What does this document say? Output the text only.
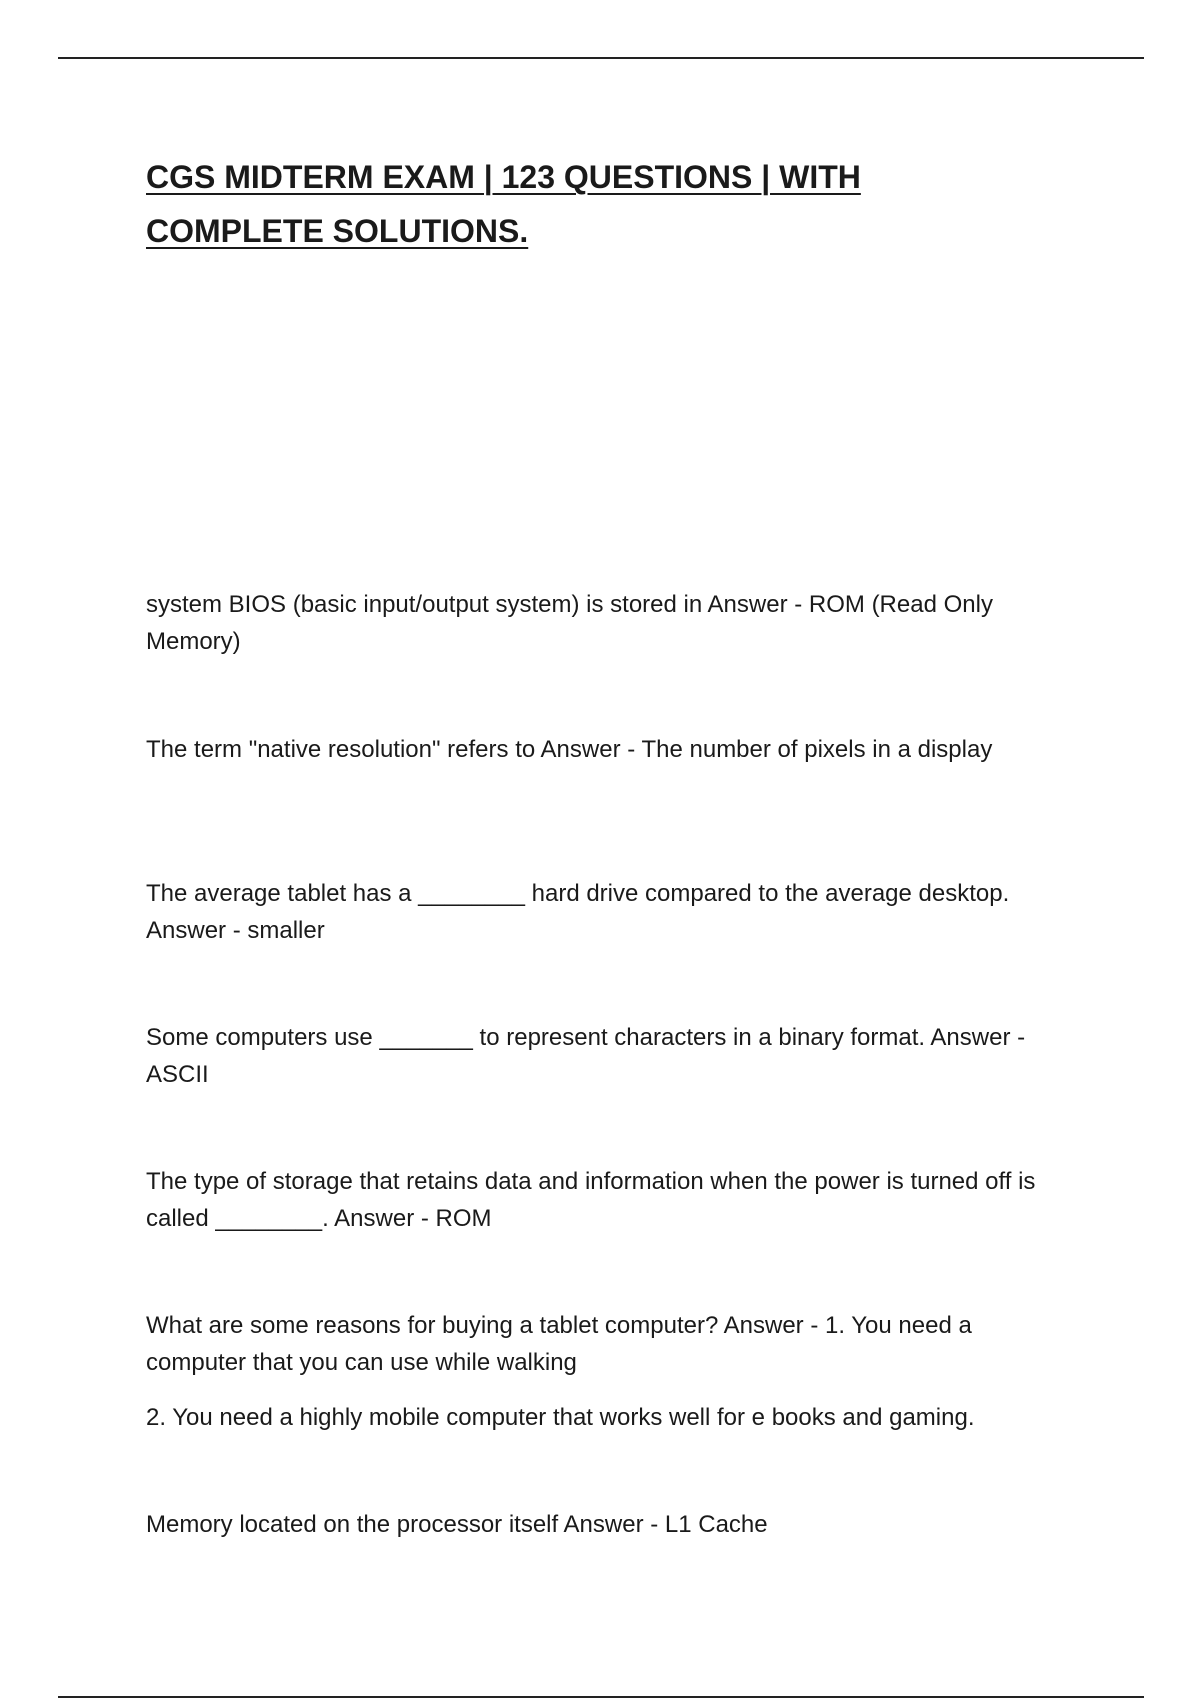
CGS MIDTERM EXAM | 123 QUESTIONS | WITH COMPLETE SOLUTIONS.

system BIOS (basic input/output system) is stored in Answer - ROM (Read Only Memory)

The term "native resolution" refers to Answer - The number of pixels in a display

The average tablet has a ________ hard drive compared to the average desktop. Answer - smaller

Some computers use _______ to represent characters in a binary format. Answer - ASCII

The type of storage that retains data and information when the power is turned off is called ________. Answer - ROM

What are some reasons for buying a tablet computer? Answer - 1. You need a computer that you can use while walking

2. You need a highly mobile computer that works well for e books and gaming.

Memory located on the processor itself Answer - L1 Cache
